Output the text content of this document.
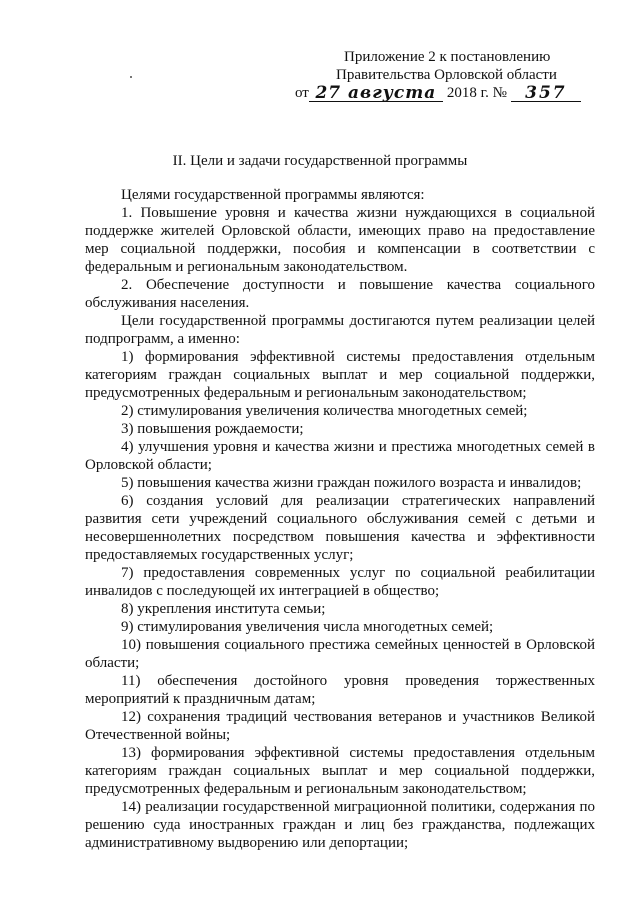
Приложение 2 к постановлению
Правительства Орловской области
от 27 августа 2018 г. №	357
II. Цели и задачи государственной программы

Целями государственной программы являются:

1. Повышение уровня и качества жизни нуждающихся в социальной поддержке жителей Орловской области, имеющих право на предоставление мер социальной поддержки, пособия и компенсации в соответствии с федеральным и региональным законодательством.

2. Обеспечение доступности и повышение качества социального обслуживания населения.

Цели государственной программы достигаются путем реализации целей подпрограмм, а именно:

1) формирования эффективной системы предоставления отдельным категориям граждан социальных выплат и мер социальной поддержки, предусмотренных федеральным и региональным законодательством;

2) стимулирования увеличения количества многодетных семей;

3) повышения рождаемости;

4) улучшения уровня и качества жизни и престижа многодетных семей в Орловской области;

5) повышения качества жизни граждан пожилого возраста и инвалидов;

6) создания условий для реализации стратегических направлений развития сети учреждений социального обслуживания семей с детьми и несовершеннолетних посредством повышения качества и эффективности предоставляемых государственных услуг;

7) предоставления современных услуг по социальной реабилитации инвалидов с последующей их интеграцией в общество;

8) укрепления института семьи;

9) стимулирования увеличения числа многодетных семей;

10) повышения социального престижа семейных ценностей в Орловской области;

11) обеспечения достойного уровня проведения торжественных мероприятий к праздничным датам;

12) сохранения традиций чествования ветеранов и участников Великой Отечественной войны;

13) формирования эффективной системы предоставления отдельным категориям граждан социальных выплат и мер социальной поддержки, предусмотренных федеральным и региональным законодательством;

14) реализации государственной миграционной политики, содержания по решению суда иностранных граждан и лиц без гражданства, подлежащих административному выдворению или депортации;
